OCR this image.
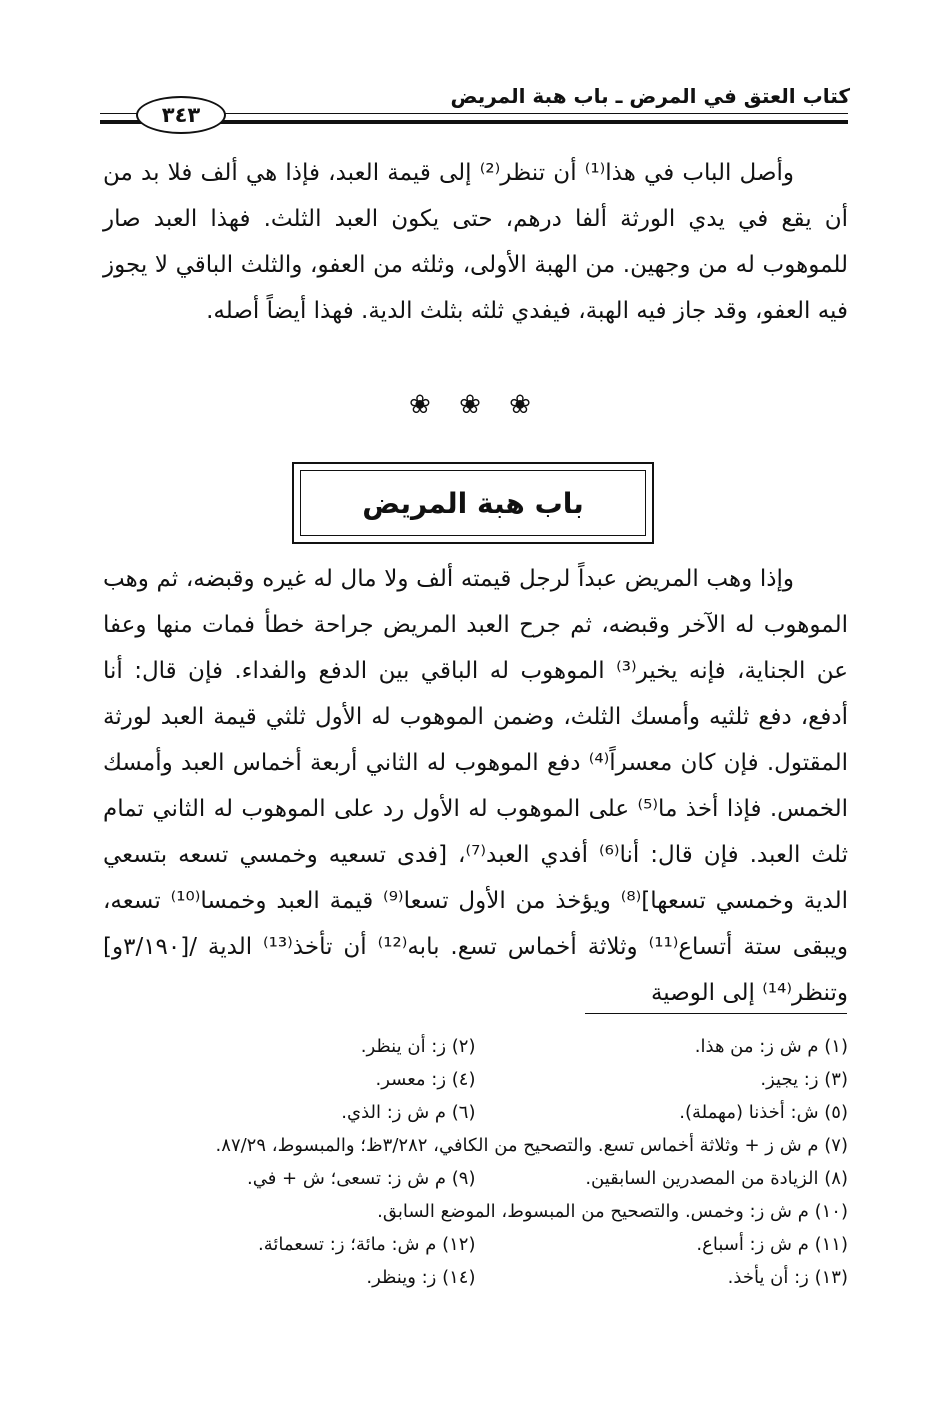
كتاب العتق في المرض ـ باب هبة المريض
٣٤٣

وأصل الباب في هذا⁽¹⁾ أن تنظر⁽²⁾ إلى قيمة العبد، فإذا هي ألف فلا بد من أن يقع في يدي الورثة ألفا درهم، حتى يكون العبد الثلث. فهذا العبد صار للموهوب له من وجهين. من الهبة الأولى، وثلثه من العفو، والثلث الباقي لا يجوز فيه العفو، وقد جاز فيه الهبة، فيفدي ثلثه بثلث الدية. فهذا أيضاً أصله.

❀ ❀ ❀
باب هبة المريض

وإذا وهب المريض عبداً لرجل قيمته ألف ولا مال له غيره وقبضه، ثم وهب الموهوب له الآخر وقبضه، ثم جرح العبد المريض جراحة خطأ فمات منها وعفا عن الجناية، فإنه يخير⁽³⁾ الموهوب له الباقي بين الدفع والفداء. فإن قال: أنا أدفع، دفع ثلثيه وأمسك الثلث، وضمن الموهوب له الأول ثلثي قيمة العبد لورثة المقتول. فإن كان معسراً⁽⁴⁾ دفع الموهوب له الثاني أربعة أخماس العبد وأمسك الخمس. فإذا أخذ ما⁽⁵⁾ على الموهوب له الأول رد على الموهوب له الثاني تمام ثلث العبد. فإن قال: أنا⁽⁶⁾ أفدي العبد⁽⁷⁾، [فدى تسعيه وخمسي تسعه بتسعي الدية وخمسي تسعها]⁽⁸⁾ ويؤخذ من الأول تسعا⁽⁹⁾ قيمة العبد وخمسا⁽¹⁰⁾ تسعه، ويبقى ستة أتساع⁽¹¹⁾ وثلاثة أخماس تسع. بابه⁽¹²⁾ أن تأخذ⁽¹³⁾ الدية /[٣/١٩٠و] وتنظر⁽¹⁴⁾ إلى الوصية

(١) م ش ز: من هذا.
(٢) ز: أن ينظر.
(٣) ز: يجيز.
(٤) ز: معسر.
(٥) ش: أخذنا (مهملة).
(٦) م ش ز: الذي.
(٧) م ش ز + وثلاثة أخماس تسع. والتصحيح من الكافي، ٣/٢٨٢ظ؛ والمبسوط، ٨٧/٢٩.
(٨) الزيادة من المصدرين السابقين.
(٩) م ش ز: تسعى؛ ش + في.
(١٠) م ش ز: وخمس. والتصحيح من المبسوط، الموضع السابق.
(١١) م ش ز: أسباع.
(١٢) م ش: مائة؛ ز: تسعمائة.
(١٣) ز: أن يأخذ.
(١٤) ز: وينظر.
